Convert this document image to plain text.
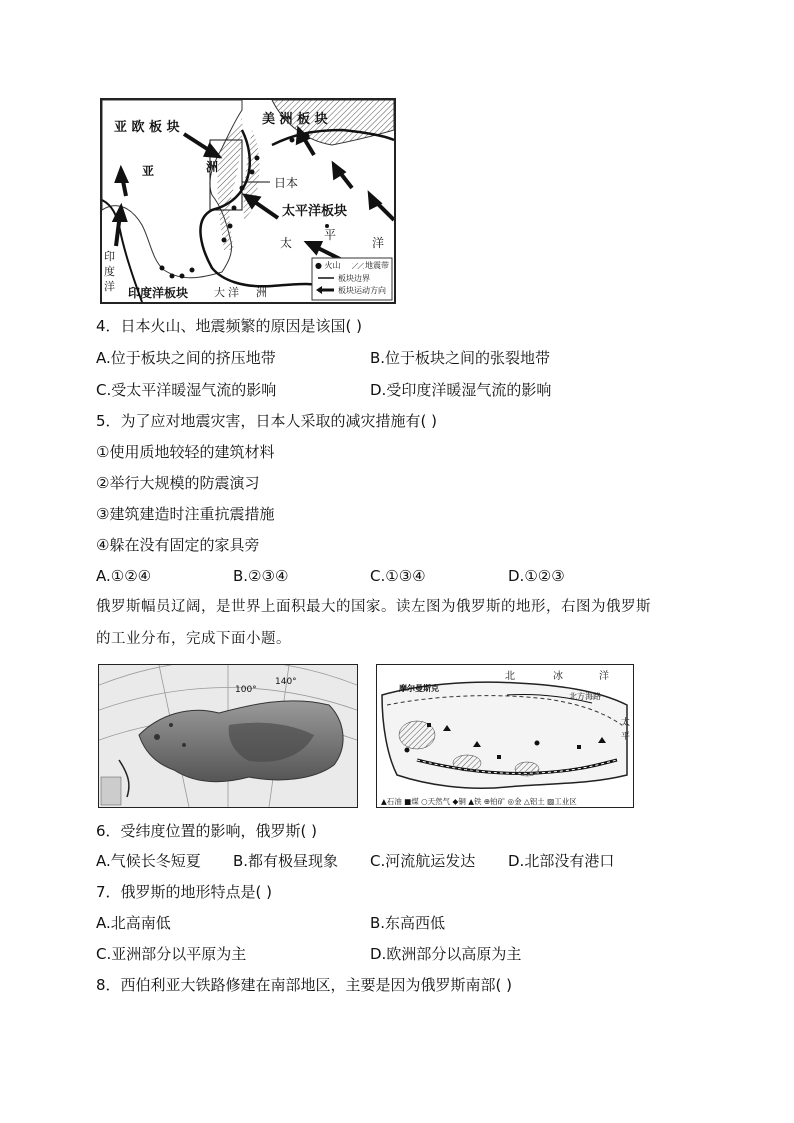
亚 欧 板 块
美 洲 板 块
亚	洲
日本
太平洋板块
太
平
洋
印
度
洋 印度洋板块 大 洋 洲
● 火山	地震带
板块边界
板块运动方向
4．日本火山、地震频繁的原因是该国( )
A.位于板块之间的挤压地带	B.位于板块之间的张裂地带
C.受太平洋暖湿气流的影响	D.受印度洋暖湿气流的影响
5．为了应对地震灾害，日本人采取的减灾措施有( )
①使用质地较轻的建筑材料
②举行大规模的防震演习
③建筑建造时注重抗震措施
④躲在没有固定的家具旁
A.①②④	B.②③④	C.①③④	D.①②③
俄罗斯幅员辽阔，是世界上面积最大的国家。读左图为俄罗斯的地形，右图为俄罗斯
的工业分布，完成下面小题。
100°
140°	北	冰	洋
摩尔曼斯克
北方海路
太
平
▲石油 ■煤 ○天然气 ◆铜 ▲铁 ⊕铂矿 ◎金 △铝土 ▨工业区
6．受纬度位置的影响，俄罗斯( )
A.气候长冬短夏 B.都有极昼现象 C.河流航运发达 D.北部没有港口
7．俄罗斯的地形特点是( )
A.北高南低	B.东高西低
C.亚洲部分以平原为主	D.欧洲部分以高原为主
8．西伯利亚大铁路修建在南部地区，主要是因为俄罗斯南部( )
